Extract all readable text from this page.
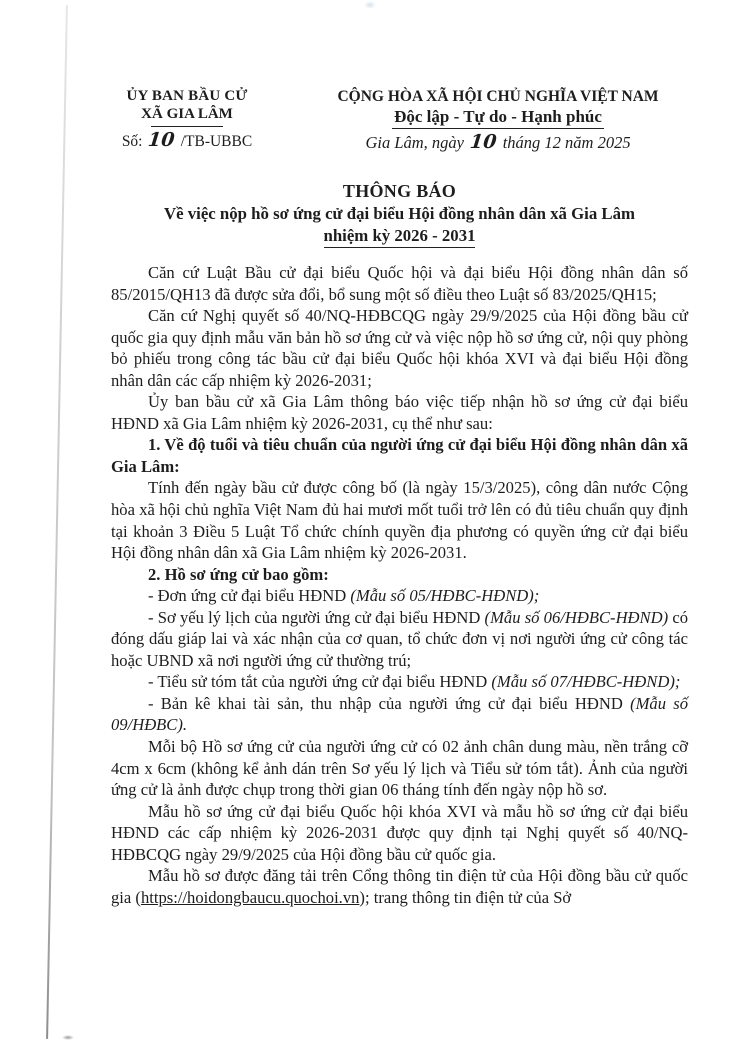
ỦY BAN BẦU CỬ
XÃ GIA LÂM
Số: 10 /TB-UBBC
CỘNG HÒA XÃ HỘI CHỦ NGHĨA VIỆT NAM
Độc lập - Tự do - Hạnh phúc
Gia Lâm, ngày 10 tháng 12 năm 2025
THÔNG BÁO
Về việc nộp hồ sơ ứng cử đại biểu Hội đồng nhân dân xã Gia Lâm
nhiệm kỳ 2026 - 2031

Căn cứ Luật Bầu cử đại biểu Quốc hội và đại biểu Hội đồng nhân dân số 85/2015/QH13 đã được sửa đổi, bổ sung một số điều theo Luật số 83/2025/QH15;

Căn cứ Nghị quyết số 40/NQ-HĐBCQG ngày 29/9/2025 của Hội đồng bầu cử quốc gia quy định mẫu văn bản hồ sơ ứng cử và việc nộp hồ sơ ứng cử, nội quy phòng bỏ phiếu trong công tác bầu cử đại biểu Quốc hội khóa XVI và đại biểu Hội đồng nhân dân các cấp nhiệm kỳ 2026-2031;

Ủy ban bầu cử xã Gia Lâm thông báo việc tiếp nhận hồ sơ ứng cử đại biểu HĐND xã Gia Lâm nhiệm kỳ 2026-2031, cụ thể như sau:

1. Về độ tuổi và tiêu chuẩn của người ứng cử đại biểu Hội đồng nhân dân xã Gia Lâm:

Tính đến ngày bầu cử được công bố (là ngày 15/3/2025), công dân nước Cộng hòa xã hội chủ nghĩa Việt Nam đủ hai mươi mốt tuổi trở lên có đủ tiêu chuẩn quy định tại khoản 3 Điều 5 Luật Tổ chức chính quyền địa phương có quyền ứng cử đại biểu Hội đồng nhân dân xã Gia Lâm nhiệm kỳ 2026-2031.

2. Hồ sơ ứng cử bao gồm:

- Đơn ứng cử đại biểu HĐND (Mẫu số 05/HĐBC-HĐND);

- Sơ yếu lý lịch của người ứng cử đại biểu HĐND (Mẫu số 06/HĐBC-HĐND) có đóng dấu giáp lai và xác nhận của cơ quan, tổ chức đơn vị nơi người ứng cử công tác hoặc UBND xã nơi người ứng cử thường trú;

- Tiểu sử tóm tắt của người ứng cử đại biểu HĐND (Mẫu số 07/HĐBC-HĐND);

- Bản kê khai tài sản, thu nhập của người ứng cử đại biểu HĐND (Mẫu số 09/HĐBC).

Mỗi bộ Hồ sơ ứng cử của người ứng cử có 02 ảnh chân dung màu, nền trắng cỡ 4cm x 6cm (không kể ảnh dán trên Sơ yếu lý lịch và Tiểu sử tóm tắt). Ảnh của người ứng cử là ảnh được chụp trong thời gian 06 tháng tính đến ngày nộp hồ sơ.

Mẫu hồ sơ ứng cử đại biểu Quốc hội khóa XVI và mẫu hồ sơ ứng cử đại biểu HĐND các cấp nhiệm kỳ 2026-2031 được quy định tại Nghị quyết số 40/NQ-HĐBCQG ngày 29/9/2025 của Hội đồng bầu cử quốc gia.

Mẫu hồ sơ được đăng tải trên Cổng thông tin điện tử của Hội đồng bầu cử quốc gia (https://hoidongbaucu.quochoi.vn); trang thông tin điện tử của Sở
